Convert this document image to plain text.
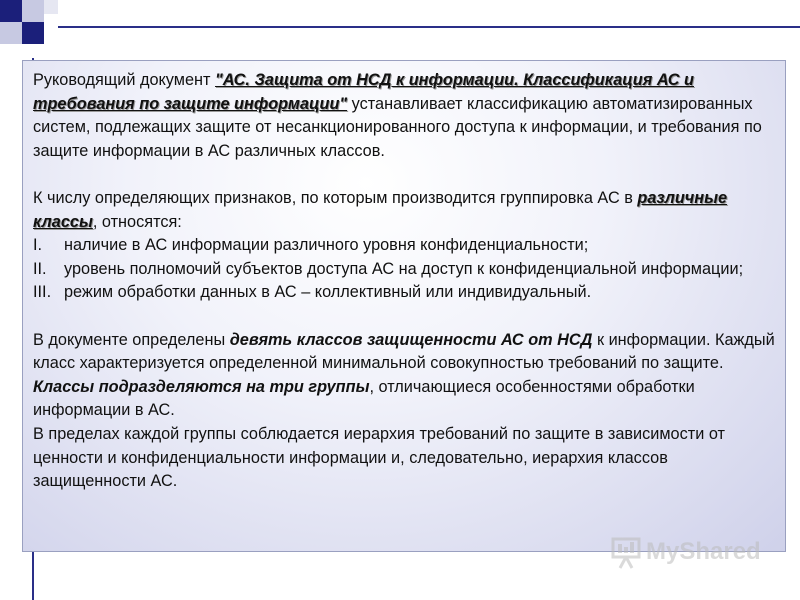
Руководящий документ "АС. Защита от НСД к информации. Классификация АС и требования по защите информации" устанавливает классификацию автоматизированных систем, подлежащих защите от несанкционированного доступа к информации, и требования по защите информации в АС различных классов.

К числу определяющих признаков, по которым производится группировка АС в различные классы, относятся:

I. наличие в АС информации различного уровня конфиденциальности;
II. уровень полномочий субъектов доступа АС на доступ к конфиденциальной информации;
III. режим обработки данных в АС – коллективный или индивидуальный.

В документе определены девять классов защищенности АС от НСД к информации. Каждый класс характеризуется определенной минимальной совокупностью требований по защите. Классы подразделяются на три группы, отличающиеся особенностями обработки информации в АС.

В пределах каждой группы соблюдается иерархия требований по защите в зависимости от ценности и конфиденциальности информации и, следовательно, иерархия классов защищенности АС.

MyShared
